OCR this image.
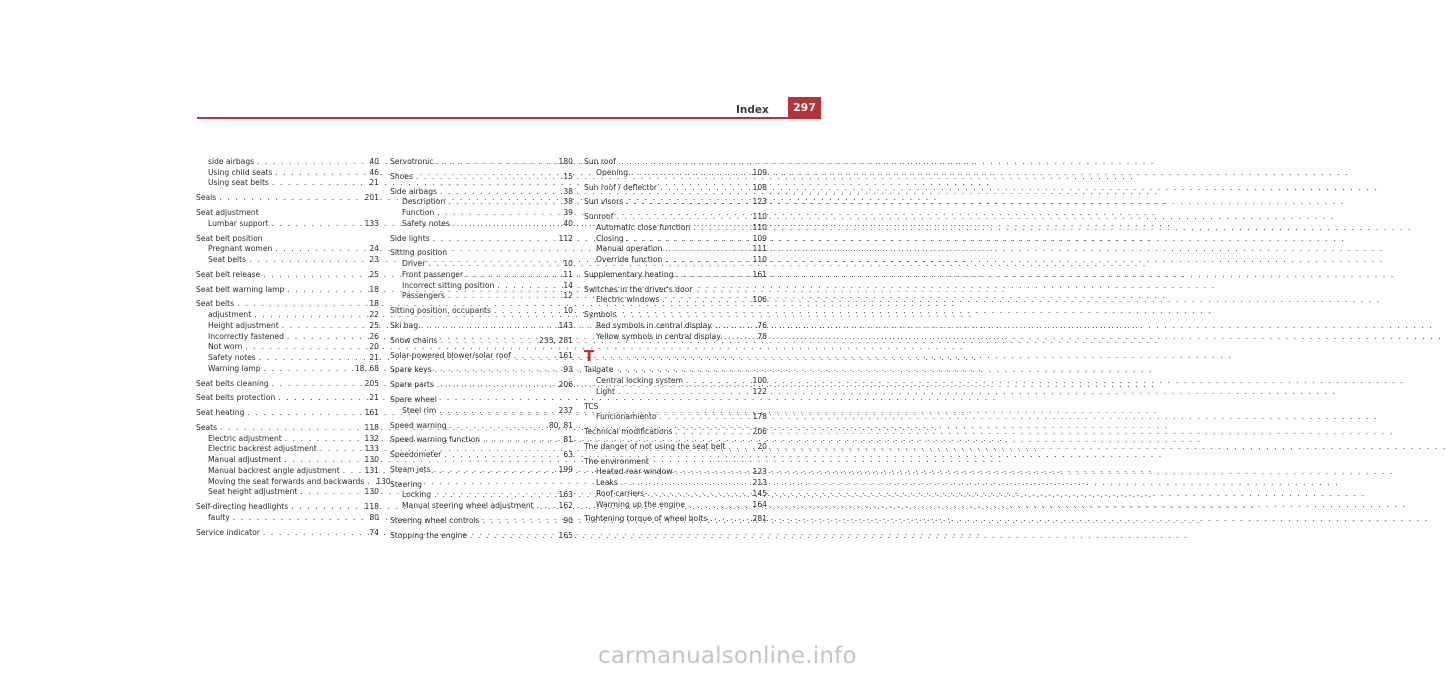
Index	297
side airbags . . .	40
Using child seats . . .	46
Using seat belts . . .	21
Seals . . .	201
Seat adjustment
Lumbar support . . .	133
Seat belt position
Pregnant women . . .	24
Seat belts . . .	23
Seat belt release . . .	25
Seat belt warning lamp . . .	18
Seat belts . . .	18
adjustment . . .	22
Height adjustment . . .	25
Incorrectly fastened . . .	26
Not worn . . .	20
Safety notes . . .	21
Warning lamp . . .	18, 68
Seat belts cleaning . . .	205
Seat belts protection . . .	21
Seat heating . . .	161
Seats . . .	118
Electric adjustment . . .	132
Electric backrest adjustment . . .	133
Manual adjustment . . .	130
Manual backrest angle adjustment . . .	131
Moving the seat forwards and backwards . . . 130
Seat height adjustment . . .	130
Self-directing headlights . . .	118
faulty . . .	80
Service indicator . . .	74
Servotronic . . .	180
Shoes . . .	15
Side airbags . . .	38
Description . . .	38
Function . . .	39
Safety notes . . .	40
Side lights . . .	112
Sitting position
Driver . . .	10
Front passenger . . .	11
Incorrect sitting position . . .	14
Passengers . . .	12
Sitting position, occupants . . .	10
Ski bag . . .	143
Snow chains . . .	235, 281
Solar-powered blower/solar roof . . .	161
Spare keys . . .	93
Spare parts . . .	206
Spare wheel
Steel rim . . .	237
Speed warning . . .	80, 81
Speed warning function . . .	81
Speedometer . . .	63
Steam jets . . .	199
Steering
Locking . . .	163
Manual steering wheel adjustment . . .	162
Steering wheel controls . . .	90
Stopping the engine . . .	165
Sun roof
Opening . . .	109
Sun roof / deflector . . .	108
Sun visors . . .	123
Sunroof . . .	110
Automatic close function . . .	110
Closing . . .	109
Manual operation . . .	111
Override function . . .	110
Supplementary heating . . .	161
Switches in the driver's door
Electric windows . . .	106
Symbols
Red symbols in central display . . .	76
Yellow symbols in central display . . .	78
T
Tailgate
Central locking system . . .	100
Light . . .	122
TCS
Funcionamiento . . .	178
Technical modifications . . .	206
The danger of not using the seat belt . . .	20
The environment
Heated rear window . . .	123
Leaks . . .	213
Roof carriers . . .	145
Warming up the engine . . .	164
Tightening torque of wheel bolts . . .	281
carmanualsonline.info
